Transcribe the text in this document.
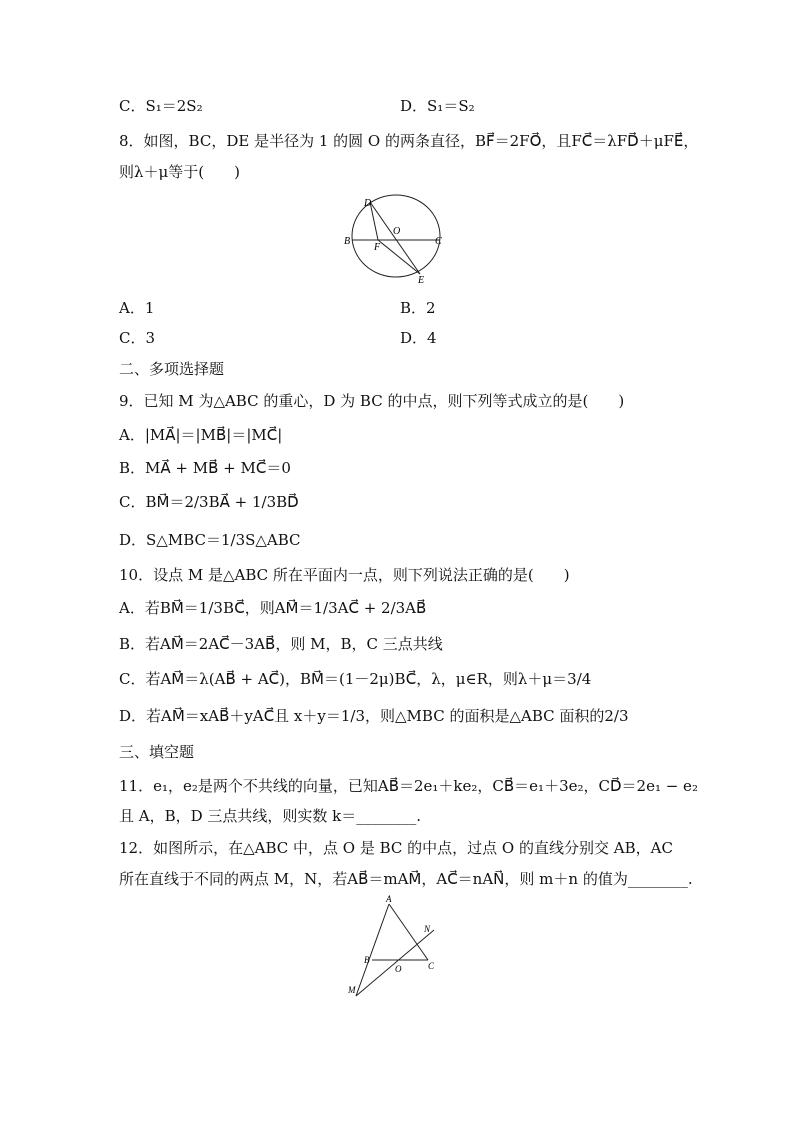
C．S₁＝2S₂	D．S₁＝S₂
8．如图，BC，DE 是半径为 1 的圆 O 的两条直径，BF⃗＝2FO⃗，且FC⃗＝λFD⃗＋μFE⃗，
则λ＋μ等于(　　)
D
O
B
F
C
E
A．1	B．2
C．3	D．4
二、多项选择题
9．已知 M 为△ABC 的重心，D 为 BC 的中点，则下列等式成立的是(　　)
A．|MA⃗|＝|MB⃗|＝|MC⃗|
B．MA⃗ + MB⃗ + MC⃗＝0
C．BM⃗＝2/3BA⃗ + 1/3BD⃗
D．S△MBC＝1/3S△ABC
10．设点 M 是△ABC 所在平面内一点，则下列说法正确的是(　　)
A．若BM⃗＝1/3BC⃗，则AM⃗＝1/3AC⃗ + 2/3AB⃗
B．若AM⃗＝2AC⃗－3AB⃗，则 M，B，C 三点共线
C．若AM⃗＝λ(AB⃗ + AC⃗)，BM⃗＝(1－2μ)BC⃗，λ，μ∈R，则λ＋μ＝3/4
D．若AM⃗＝xAB⃗＋yAC⃗且 x＋y＝1/3，则△MBC 的面积是△ABC 面积的2/3
三、填空题
11．e₁，e₂是两个不共线的向量，已知AB⃗＝2e₁＋ke₂，CB⃗＝e₁＋3e₂，CD⃗＝2e₁ − e₂
且 A，B，D 三点共线，则实数 k＝________.
12．如图所示，在△ABC 中，点 O 是 BC 的中点，过点 O 的直线分别交 AB，AC
所在直线于不同的两点 M，N，若AB⃗＝mAM⃗，AC⃗＝nAN⃗，则 m＋n 的值为________.
A
N
B
O	C
M
